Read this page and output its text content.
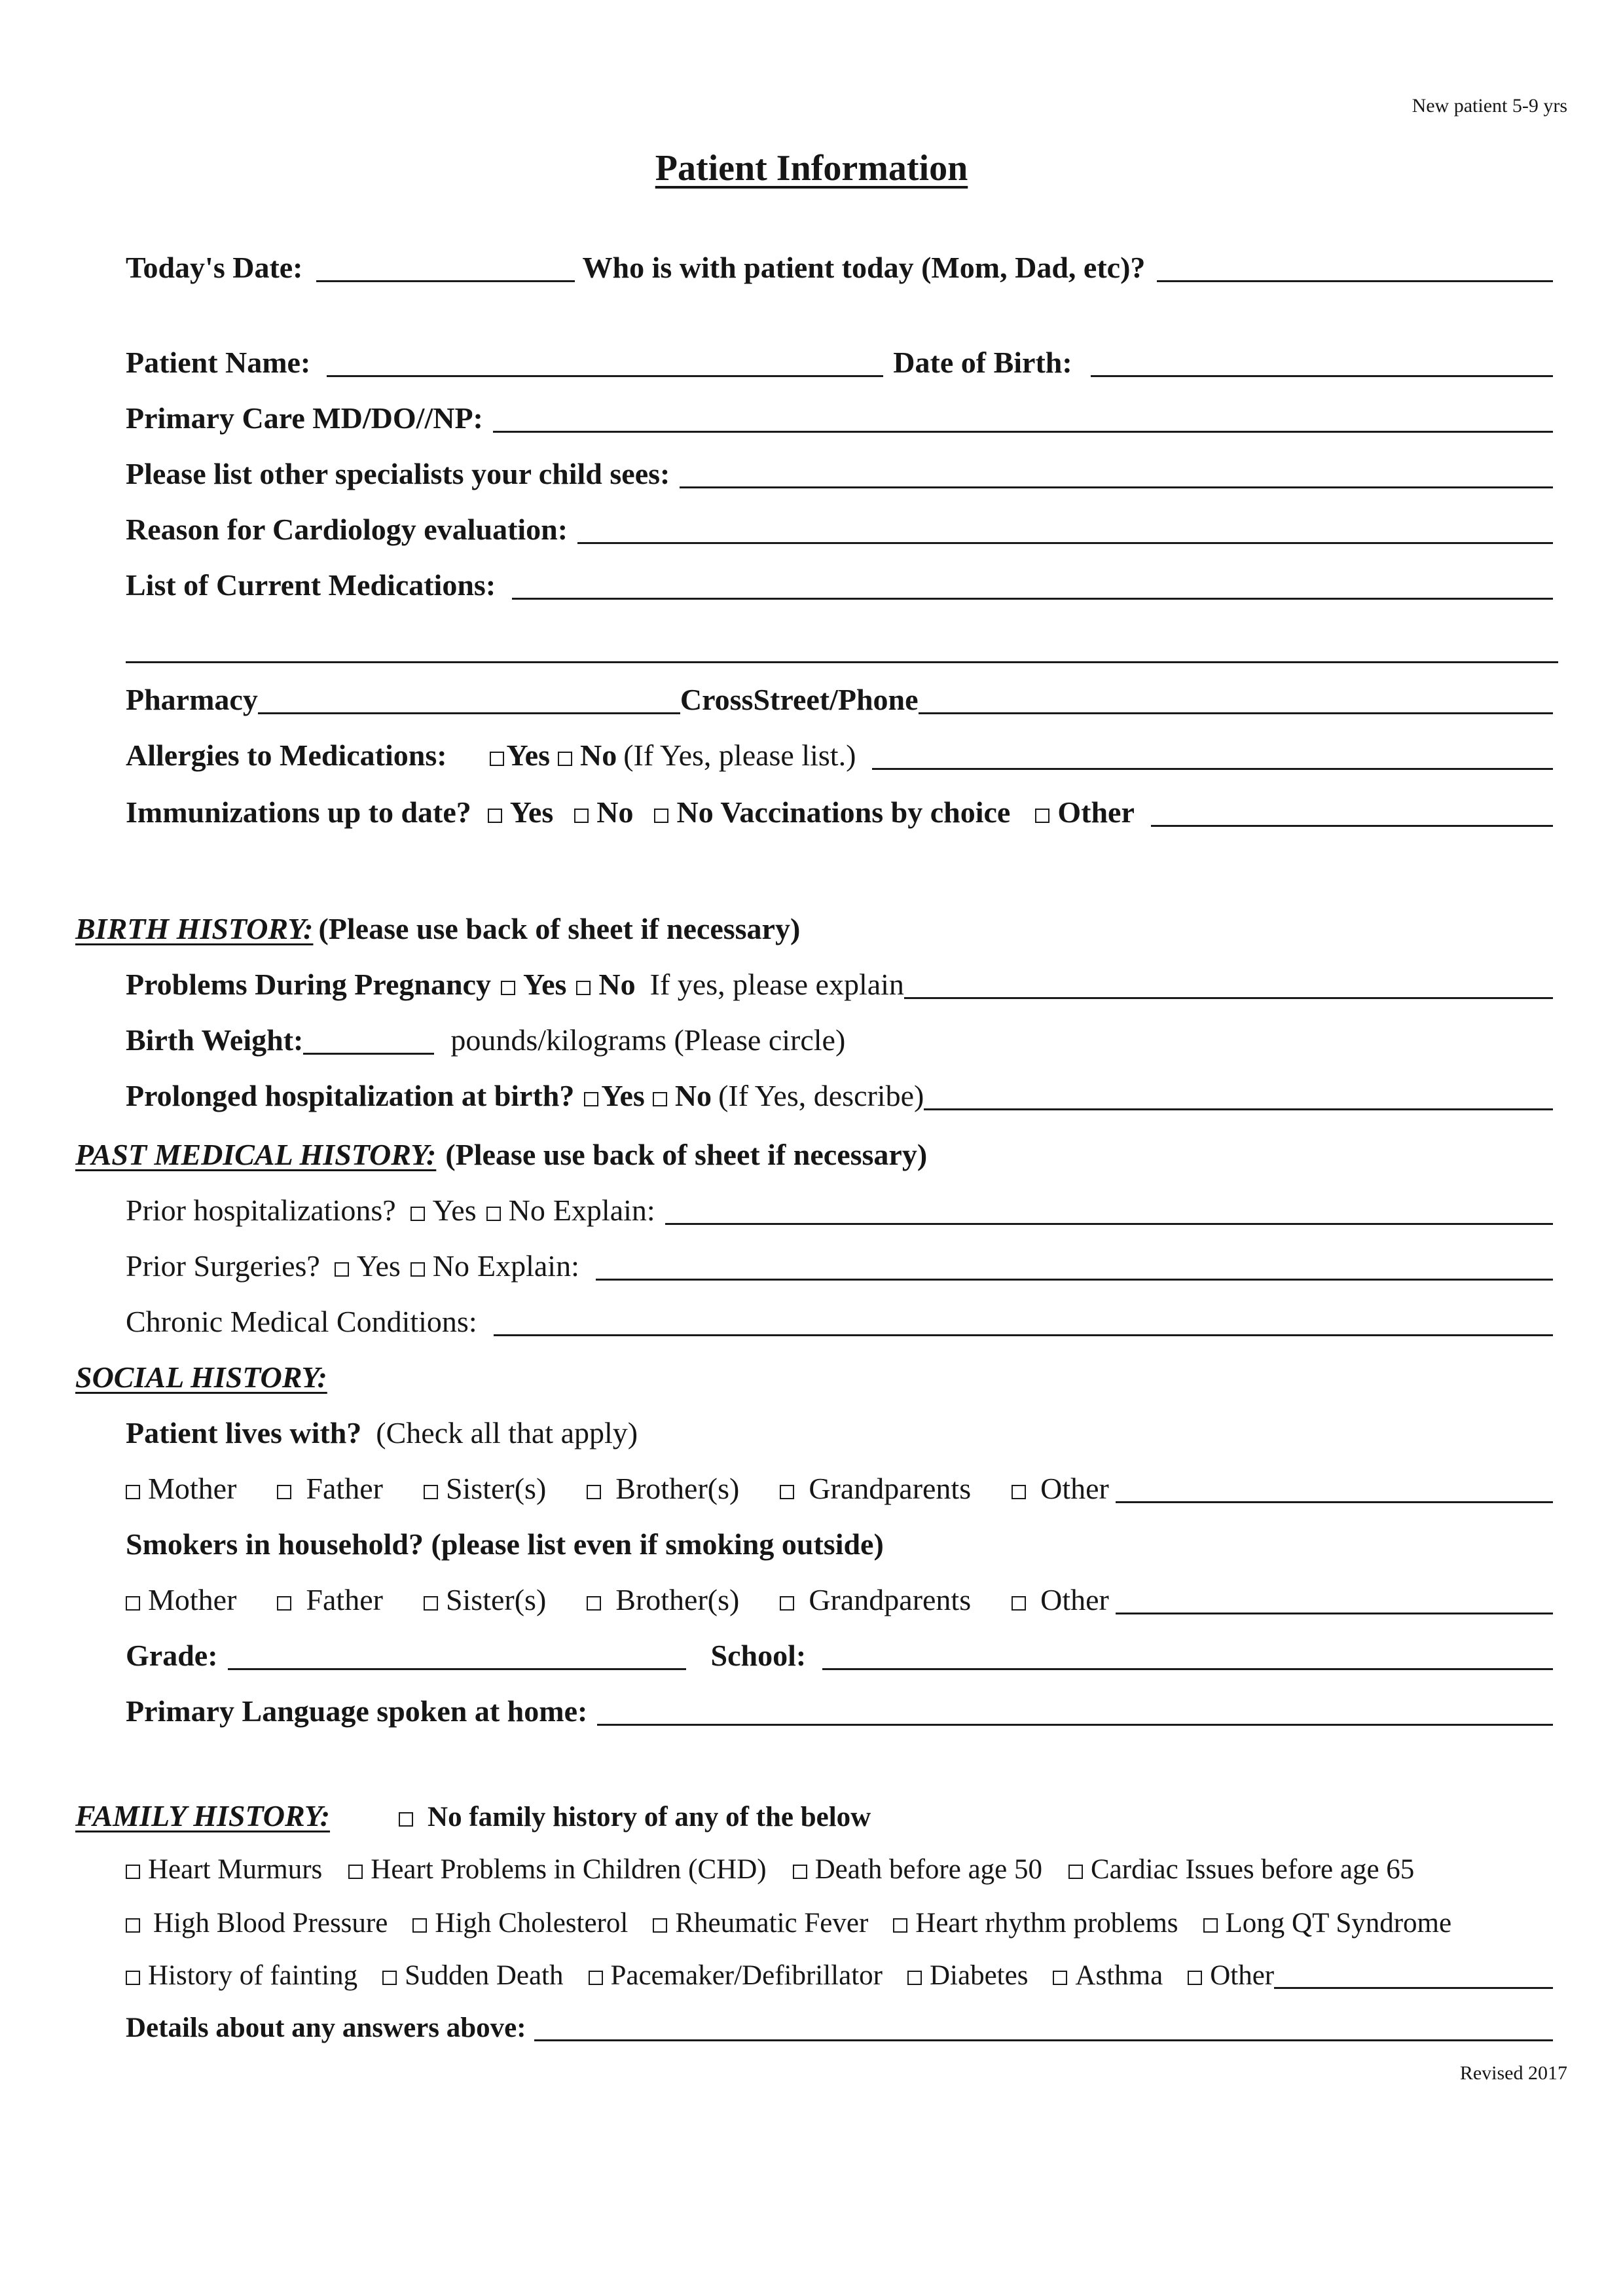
New patient 5-9 yrs
Patient Information
Today's Date:	Who is with patient today (Mom, Dad, etc)?
Patient Name:	Date of Birth:
Primary Care MD/DO//NP:
Please list other specialists your child sees:
Reason for Cardiology evaluation:
List of Current Medications:
Pharmacy	CrossStreet/Phone
Allergies to Medications: Yes No (If Yes, please list.)
Immunizations up to date? Yes No No Vaccinations by choice Other
BIRTH HISTORY: (Please use back of sheet if necessary)
Problems During Pregnancy Yes No If yes, please explain
Birth Weight:	pounds/kilograms (Please circle)
Prolonged hospitalization at birth? Yes No (If Yes, describe)
PAST MEDICAL HISTORY: (Please use back of sheet if necessary)
Prior hospitalizations? Yes No Explain:
Prior Surgeries? Yes No Explain:
Chronic Medical Conditions:
SOCIAL HISTORY:
Patient lives with? (Check all that apply)
Mother Father Sister(s) Brother(s) Grandparents Other
Smokers in household? (please list even if smoking outside)
Mother Father Sister(s) Brother(s) Grandparents Other
Grade:	School:
Primary Language spoken at home:
FAMILY HISTORY:	No family history of any of the below
Heart Murmurs Heart Problems in Children (CHD) Death before age 50 Cardiac Issues before age 65
High Blood Pressure High Cholesterol Rheumatic Fever Heart rhythm problems Long QT Syndrome
History of fainting Sudden Death Pacemaker/Defibrillator Diabetes Asthma Other
Details about any answers above:
Revised 2017
